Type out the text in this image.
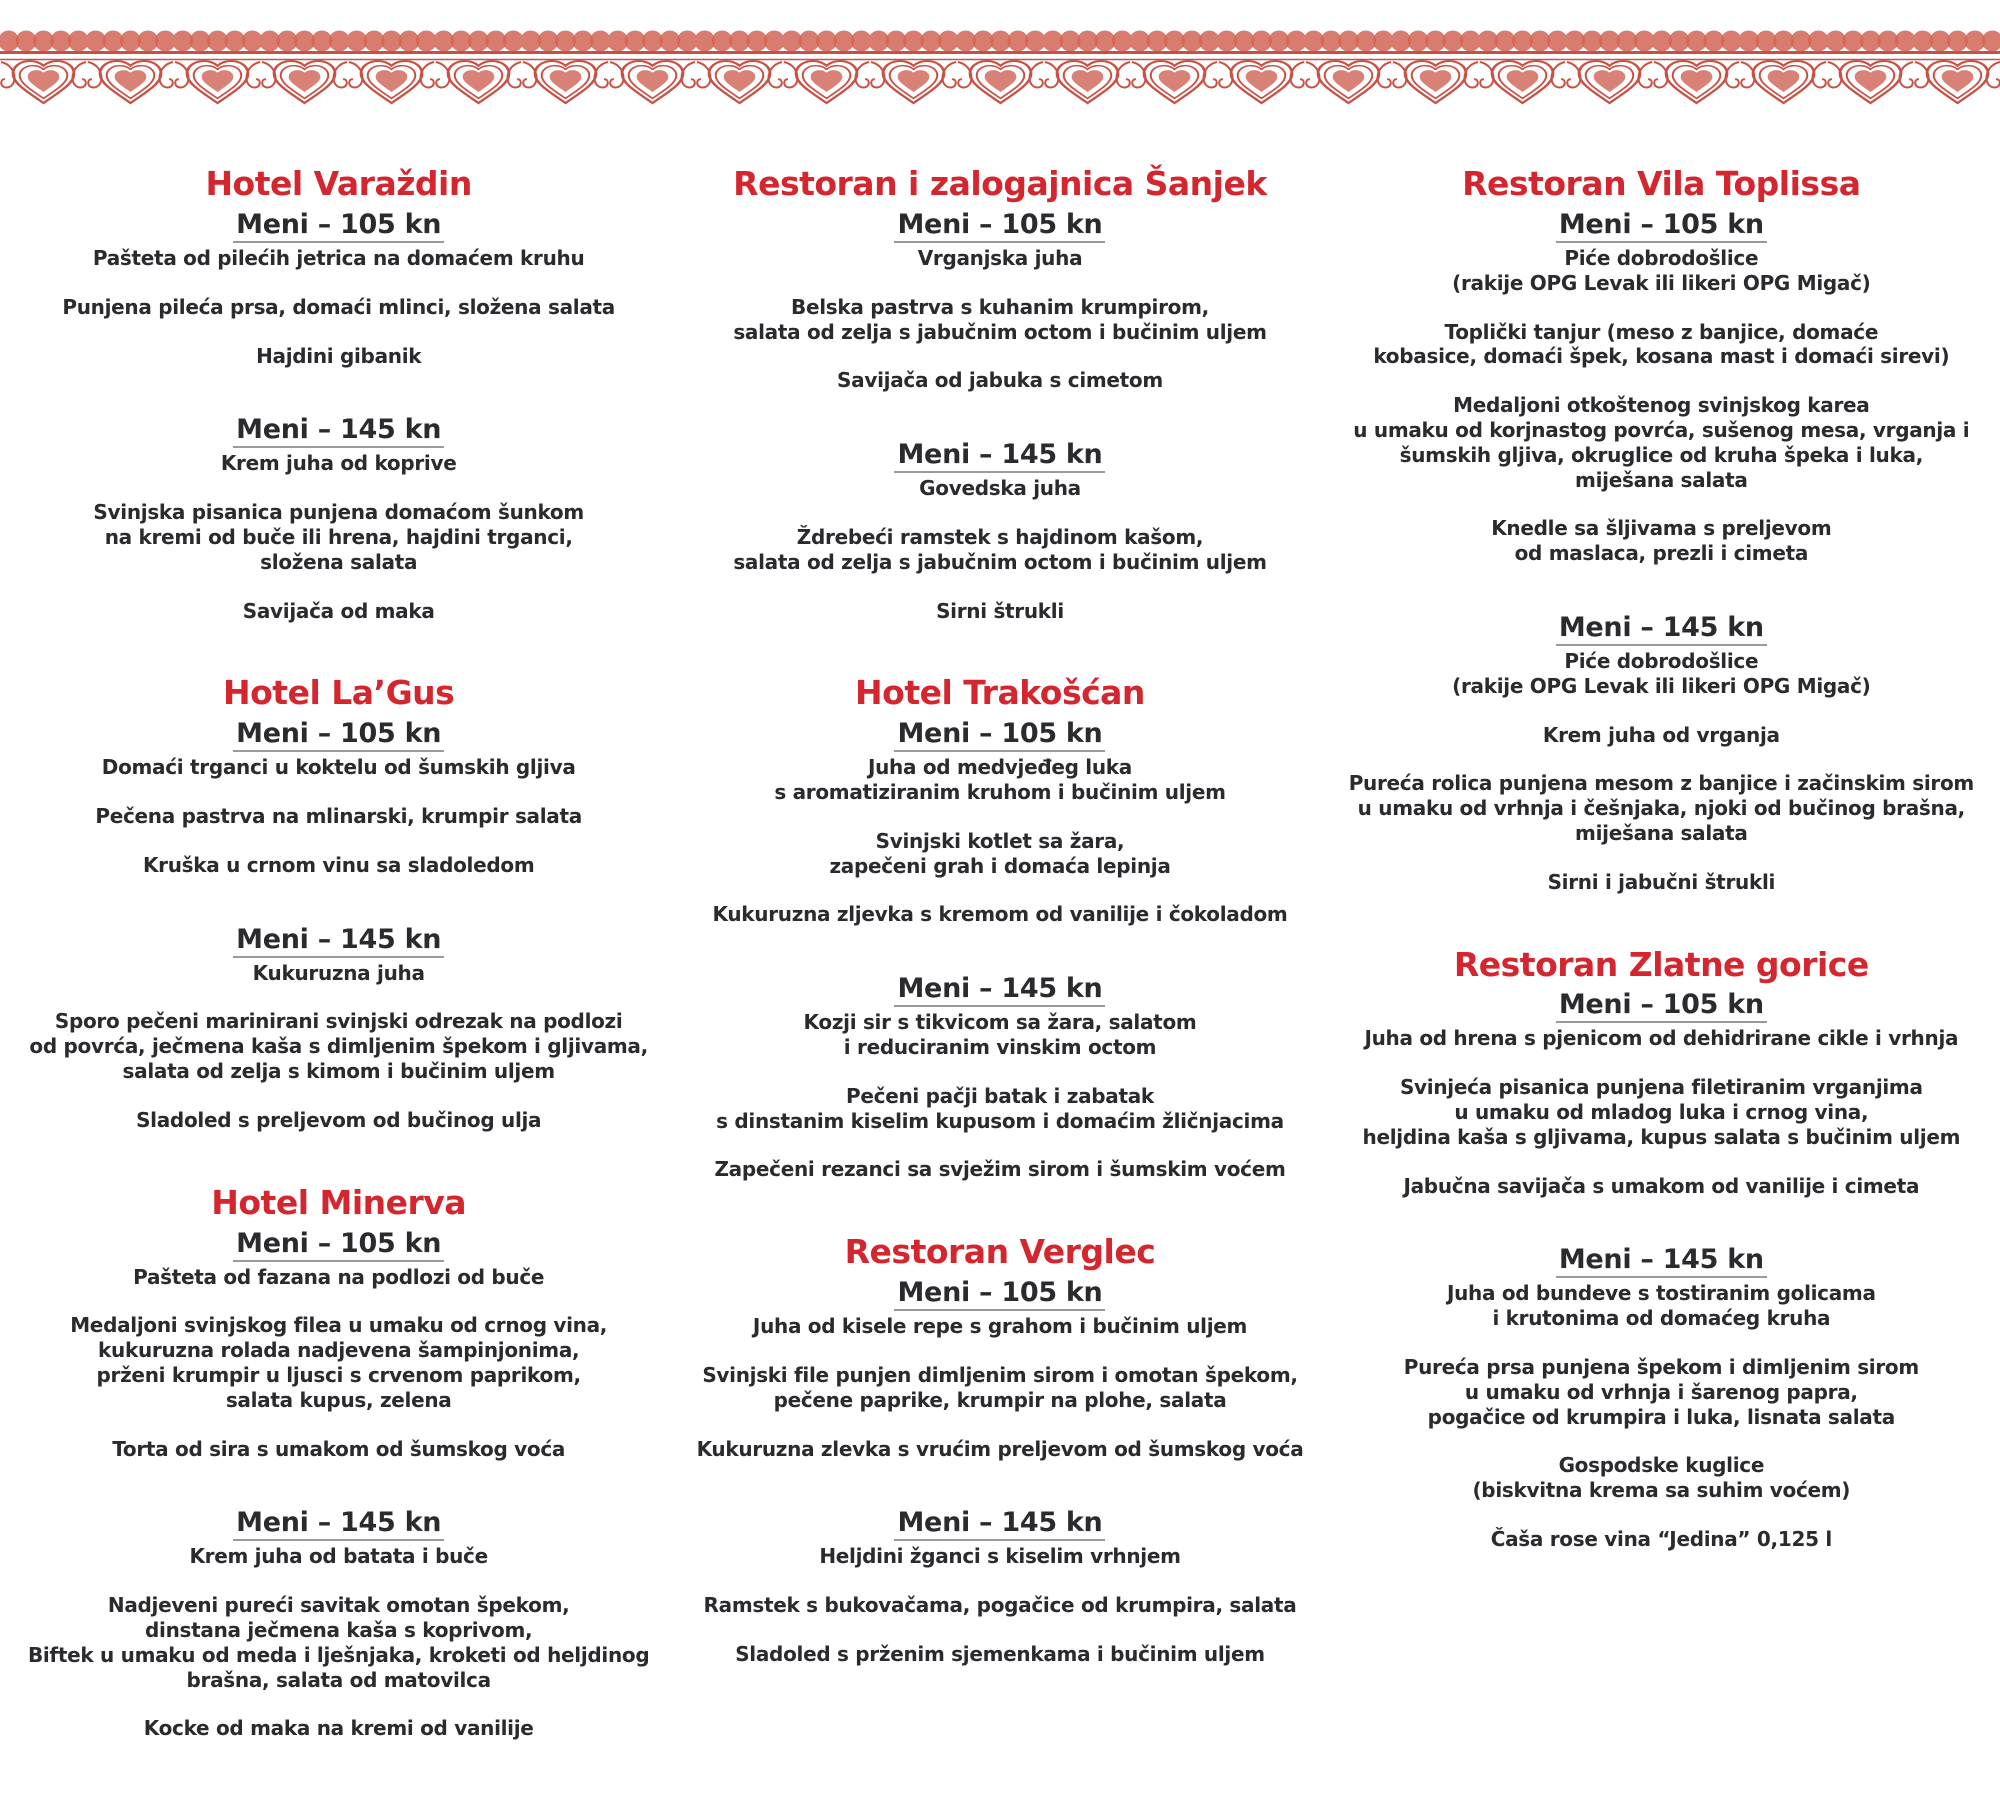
Hotel Varaždin
Meni – 105 kn

Pašteta od pilećih jetrica na domaćem kruhu

Punjena pileća prsa, domaći mlinci, složena salata

Hajdini gibanik

Meni – 145 kn

Krem juha od koprive

Svinjska pisanica punjena domaćom šunkom
na kremi od buče ili hrena, hajdini trganci,
složena salata

Savijača od maka

Hotel La’Gus
Meni – 105 kn

Domaći trganci u koktelu od šumskih gljiva

Pečena pastrva na mlinarski, krumpir salata

Kruška u crnom vinu sa sladoledom

Meni – 145 kn

Kukuruzna juha

Sporo pečeni marinirani svinjski odrezak na podlozi
od povrća, ječmena kaša s dimljenim špekom i gljivama,
salata od zelja s kimom i bučinim uljem

Sladoled s preljevom od bučinog ulja

Hotel Minerva
Meni – 105 kn

Pašteta od fazana na podlozi od buče

Medaljoni svinjskog filea u umaku od crnog vina,
kukuruzna rolada nadjevena šampinjonima,
prženi krumpir u ljusci s crvenom paprikom,
salata kupus, zelena

Torta od sira s umakom od šumskog voća

Meni – 145 kn

Krem juha od batata i buče

Nadjeveni pureći savitak omotan špekom,
dinstana ječmena kaša s koprivom,
Biftek u umaku od meda i lješnjaka, kroketi od heljdinog
brašna, salata od matovilca

Kocke od maka na kremi od vanilije

Restoran i zalogajnica Šanjek
Meni – 105 kn

Vrganjska juha

Belska pastrva s kuhanim krumpirom,
salata od zelja s jabučnim octom i bučinim uljem

Savijača od jabuka s cimetom

Meni – 145 kn

Govedska juha

Ždrebeći ramstek s hajdinom kašom,
salata od zelja s jabučnim octom i bučinim uljem

Sirni štrukli

Hotel Trakošćan
Meni – 105 kn

Juha od medvjeđeg luka
s aromatiziranim kruhom i bučinim uljem

Svinjski kotlet sa žara,
zapečeni grah i domaća lepinja

Kukuruzna zljevka s kremom od vanilije i čokoladom

Meni – 145 kn

Kozji sir s tikvicom sa žara, salatom
i reduciranim vinskim octom

Pečeni pačji batak i zabatak
s dinstanim kiselim kupusom i domaćim žličnjacima

Zapečeni rezanci sa svježim sirom i šumskim voćem

Restoran Verglec
Meni – 105 kn

Juha od kisele repe s grahom i bučinim uljem

Svinjski file punjen dimljenim sirom i omotan špekom,
pečene paprike, krumpir na plohe, salata

Kukuruzna zlevka s vrućim preljevom od šumskog voća

Meni – 145 kn

Heljdini žganci s kiselim vrhnjem

Ramstek s bukovačama, pogačice od krumpira, salata

Sladoled s prženim sjemenkama i bučinim uljem

Restoran Vila Toplissa
Meni – 105 kn

Piće dobrodošlice
(rakije OPG Levak ili likeri OPG Migač)

Toplički tanjur (meso z banjice, domaće
kobasice, domaći špek, kosana mast i domaći sirevi)

Medaljoni otkoštenog svinjskog karea
u umaku od korjnastog povrća, sušenog mesa, vrganja i
šumskih gljiva, okruglice od kruha špeka i luka,
miješana salata

Knedle sa šljivama s preljevom
od maslaca, prezli i cimeta

Meni – 145 kn

Piće dobrodošlice
(rakije OPG Levak ili likeri OPG Migač)

Krem juha od vrganja

Pureća rolica punjena mesom z banjice i začinskim sirom
u umaku od vrhnja i češnjaka, njoki od bučinog brašna,
miješana salata

Sirni i jabučni štrukli

Restoran Zlatne gorice
Meni – 105 kn

Juha od hrena s pjenicom od dehidrirane cikle i vrhnja

Svinjeća pisanica punjena filetiranim vrganjima
u umaku od mladog luka i crnog vina,
heljdina kaša s gljivama, kupus salata s bučinim uljem

Jabučna savijača s umakom od vanilije i cimeta

Meni – 145 kn

Juha od bundeve s tostiranim golicama
i krutonima od domaćeg kruha

Pureća prsa punjena špekom i dimljenim sirom
u umaku od vrhnja i šarenog papra,
pogačice od krumpira i luka, lisnata salata

Gospodske kuglice
(biskvitna krema sa suhim voćem)

Čaša rose vina “Jedina” 0,125 l
